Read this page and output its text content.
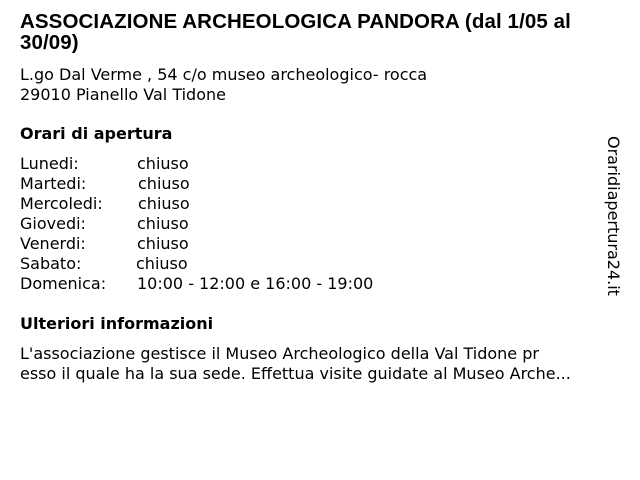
ASSOCIAZIONE ARCHEOLOGICA PANDORA (dal 1/05 al 30/09)
L.go Dal Verme , 54 c/o museo archeologico- rocca
29010 Pianello Val Tidone
Orari di apertura
Lunedi:	chiuso
Martedi:	chiuso
Mercoledi: chiuso
Giovedi:	chiuso
Venerdi:	chiuso
Sabato:	chiuso
Domenica: 10:00 - 12:00 e 16:00 - 19:00
Ulteriori informazioni
L'associazione gestisce il Museo Archeologico della Val Tidone pr
esso il quale ha la sua sede. Effettua visite guidate al Museo Arche...
Oraridiapertura24.it
